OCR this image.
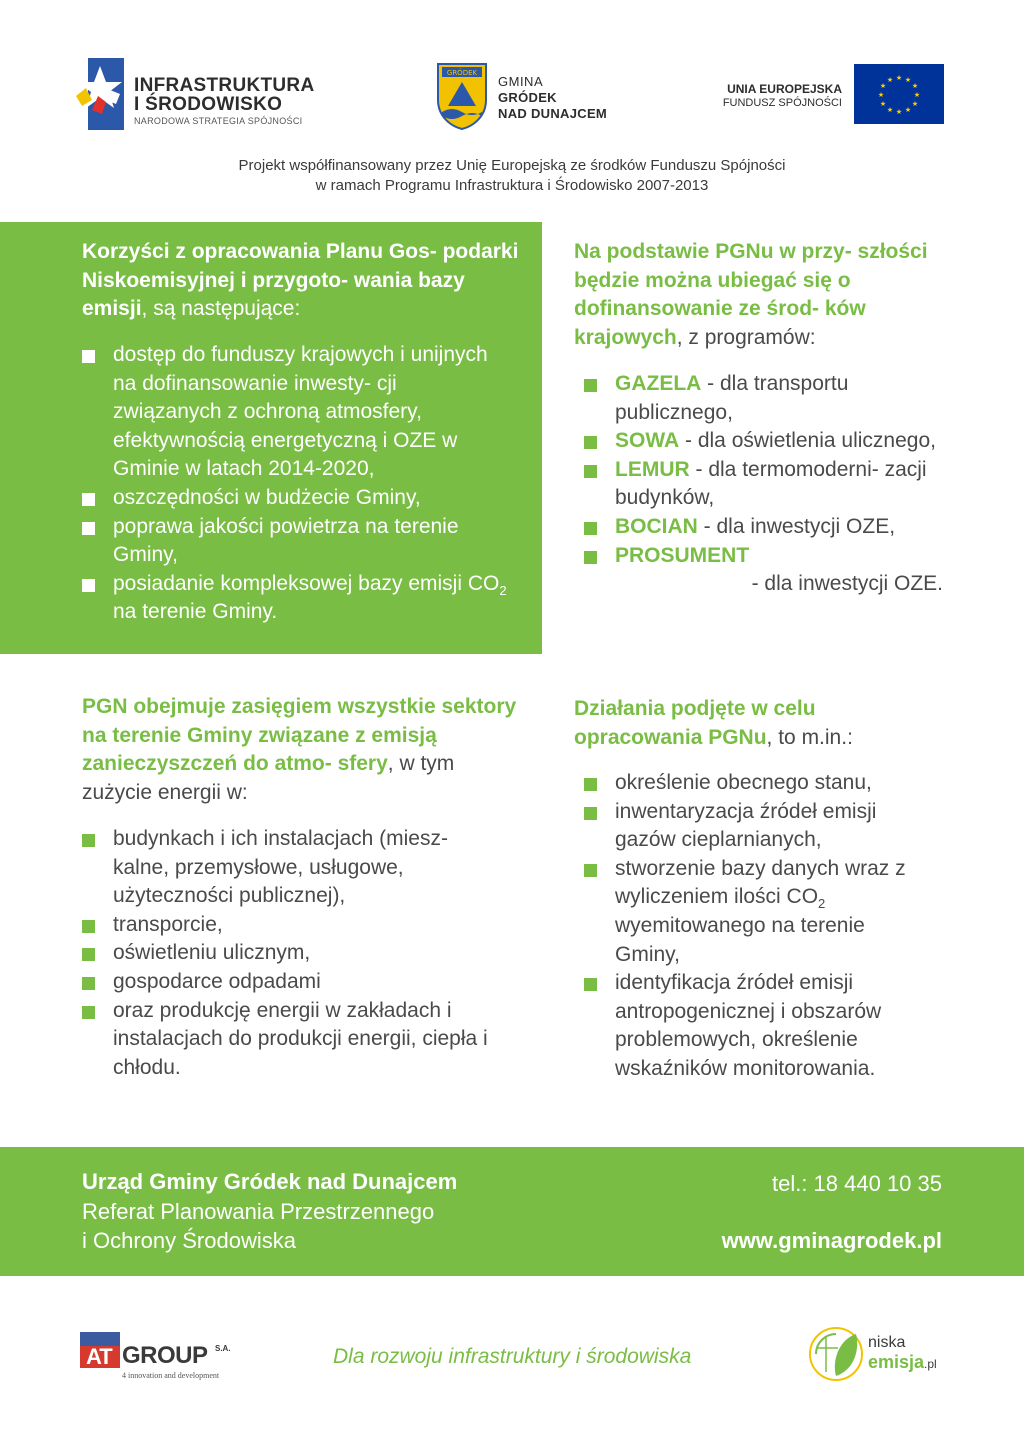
INFRASTRUKTURA
I ŚRODOWISKO
NARODOWA STRATEGIA SPÓJNOŚCI
GRÓDEK
GMINA
GRÓDEK
NAD DUNAJCEM
UNIA EUROPEJSKA
FUNDUSZ SPÓJNOŚCI
★ ★
★
★
★
★
★
★
★
★
★
★
Projekt współfinansowany przez Unię Europejską ze środków Funduszu Spójności
w ramach Programu Infrastruktura i Środowisko 2007-2013
Korzyści z opracowania Planu Gos- podarki Niskoemisyjnej i przygoto- wania bazy emisji, są następujące:
dostęp do funduszy krajowych i unijnych na dofinansowanie inwesty- cji związanych z ochroną atmosfery, efektywnością energetyczną i OZE w Gminie w latach 2014-2020,
oszczędności w budżecie Gminy,
poprawa jakości powietrza na terenie Gminy,
posiadanie kompleksowej bazy emisji $CO_2$ na terenie Gminy.
Na podstawie PGNu w przy- szłości będzie można ubiegać się o dofinansowanie ze środ- ków krajowych, z programów:
GAZELA - dla transportu publicznego,
SOWA - dla oświetlenia ulicznego,
LEMUR - dla termomoderni- zacji budynków,
BOCIAN - dla inwestycji OZE,
PROSUMENT

- dla inwestycji OZE.
PGN obejmuje zasięgiem wszystkie sektory na terenie Gminy związane z emisją zanieczyszczeń do atmo- sfery, w tym zużycie energii w:
budynkach i ich instalacjach (miesz- kalne, przemysłowe, usługowe, użyteczności publicznej),
transporcie,
oświetleniu ulicznym,
gospodarce odpadami
oraz produkcję energii w zakładach i instalacjach do produkcji energii, ciepła i chłodu.
Działania podjęte w celu opracowania PGNu, to m.in.:
określenie obecnego stanu,
inwentaryzacja źródeł emisji gazów cieplarnianych,
stworzenie bazy danych wraz z wyliczeniem ilości $CO_2$ wyemitowanego na terenie Gminy,
identyfikacja źródeł emisji antropogenicznej i obszarów problemowych, określenie wskaźników monitorowania.
Urząd Gminy Gródek nad Dunajcem
Referat Planowania Przestrzennego
i Ochrony Środowiska
tel.: 18 440 10 35
www.gminagrodek.pl
AT GROUP S.A.
4 innovation and development
Dla rozwoju infrastruktury i środowiska
niska
emisja.pl
